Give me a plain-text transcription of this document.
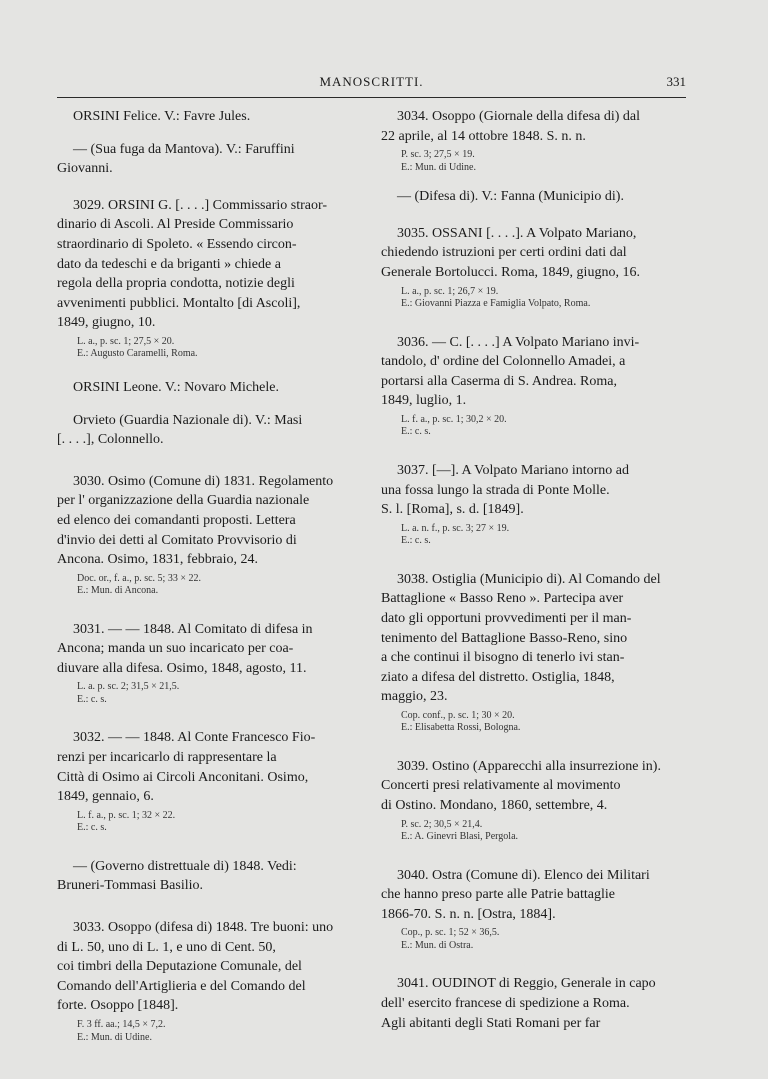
MANOSCRITTI.	331
ORSINI Felice. V.: Favre Jules.
— (Sua fuga da Mantova). V.: Faruffini
Giovanni.
3029. ORSINI G. [. . . .] Commissario straor-
dinario di Ascoli. Al Preside Commissario
straordinario di Spoleto. « Essendo circon-
dato da tedeschi e da briganti » chiede a
regola della propria condotta, notizie degli
avvenimenti pubblici. Montalto [di Ascoli],
1849, giugno, 10.
L. a., p. sc. 1; 27,5 × 20.
E.: Augusto Caramelli, Roma.
ORSINI Leone. V.: Novaro Michele.
Orvieto (Guardia Nazionale di). V.: Masi
[. . . .], Colonnello.
3030. Osimo (Comune di) 1831. Regolamento
per l' organizzazione della Guardia nazionale
ed elenco dei comandanti proposti. Lettera
d'invio dei detti al Comitato Provvisorio di
Ancona. Osimo, 1831, febbraio, 24.
Doc. or., f. a., p. sc. 5; 33 × 22.
E.: Mun. di Ancona.
3031. — — 1848. Al Comitato di difesa in
Ancona; manda un suo incaricato per coa-
diuvare alla difesa. Osimo, 1848, agosto, 11.
L. a. p. sc. 2; 31,5 × 21,5.
E.: c. s.
3032. — — 1848. Al Conte Francesco Fio-
renzi per incaricarlo di rappresentare la
Città di Osimo ai Circoli Anconitani. Osimo,
1849, gennaio, 6.
L. f. a., p. sc. 1; 32 × 22.
E.: c. s.
— (Governo distrettuale di) 1848. Vedi:
Bruneri-Tommasi Basilio.
3033. Osoppo (difesa di) 1848. Tre buoni: uno
di L. 50, uno di L. 1, e uno di Cent. 50,
coi timbri della Deputazione Comunale, del
Comando dell'Artiglieria e del Comando del
forte. Osoppo [1848].
F. 3 ff. aa.; 14,5 × 7,2.
E.: Mun. di Udine.
3034. Osoppo (Giornale della difesa di) dal
22 aprile, al 14 ottobre 1848. S. n. n.
P. sc. 3; 27,5 × 19.
E.: Mun. di Udine.
— (Difesa di). V.: Fanna (Municipio di).
3035. OSSANI [. . . .]. A Volpato Mariano,
chiedendo istruzioni per certi ordini dati dal
Generale Bortolucci. Roma, 1849, giugno, 16.
L. a., p. sc. 1; 26,7 × 19.
E.: Giovanni Piazza e Famiglia Volpato, Roma.
3036. — C. [. . . .] A Volpato Mariano invi-
tandolo, d' ordine del Colonnello Amadei, a
portarsi alla Caserma di S. Andrea. Roma,
1849, luglio, 1.
L. f. a., p. sc. 1; 30,2 × 20.
E.: c. s.
3037. [—]. A Volpato Mariano intorno ad
una fossa lungo la strada di Ponte Molle.
S. l. [Roma], s. d. [1849].
L. a. n. f., p. sc. 3; 27 × 19.
E.: c. s.
3038. Ostiglia (Municipio di). Al Comando del
Battaglione « Basso Reno ». Partecipa aver
dato gli opportuni provvedimenti per il man-
tenimento del Battaglione Basso-Reno, sino
a che continui il bisogno di tenerlo ivi stan-
ziato a difesa del distretto. Ostiglia, 1848,
maggio, 23.
Cop. conf., p. sc. 1; 30 × 20.
E.: Elisabetta Rossi, Bologna.
3039. Ostino (Apparecchi alla insurrezione in).
Concerti presi relativamente al movimento
di Ostino. Mondano, 1860, settembre, 4.
P. sc. 2; 30,5 × 21,4.
E.: A. Ginevri Blasi, Pergola.
3040. Ostra (Comune di). Elenco dei Militari
che hanno preso parte alle Patrie battaglie
1866-70. S. n. n. [Ostra, 1884].
Cop., p. sc. 1; 52 × 36,5.
E.: Mun. di Ostra.
3041. OUDINOT di Reggio, Generale in capo
dell' esercito francese di spedizione a Roma.
Agli abitanti degli Stati Romani per far
